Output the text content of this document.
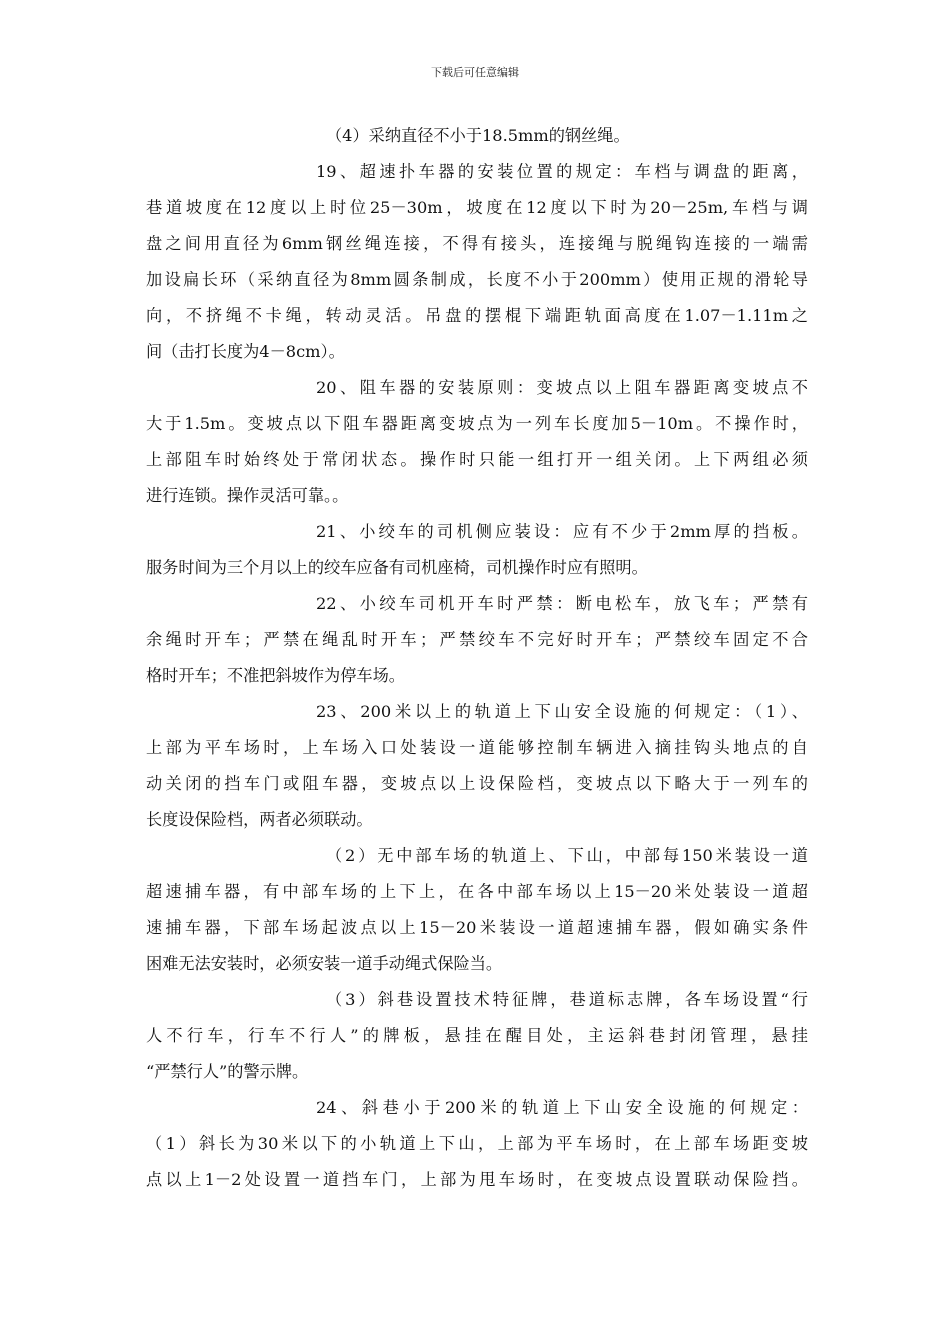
下载后可任意编辑
（4）采纳直径不小于18.5mm的钢丝绳。
19、超速扑车器的安装位置的规定：车档与调盘的距离，
巷道坡度在12度以上时位25－30m，坡度在12度以下时为20－25m,车档与调
盘之间用直径为6mm钢丝绳连接，不得有接头，连接绳与脱绳钩连接的一端需
加设扁长环（采纳直径为8mm圆条制成，长度不小于200mm）使用正规的滑轮导
向，不挤绳不卡绳，转动灵活。吊盘的摆棍下端距轨面高度在1.07－1.11m之
间（击打长度为4－8cm）。
20、阻车器的安装原则：变坡点以上阻车器距离变坡点不
大于1.5m。变坡点以下阻车器距离变坡点为一列车长度加5－10m。不操作时，
上部阻车时始终处于常闭状态。操作时只能一组打开一组关闭。上下两组必须
进行连锁。操作灵活可靠。。
21、小绞车的司机侧应装设：应有不少于2mm厚的挡板。
服务时间为三个月以上的绞车应备有司机座椅，司机操作时应有照明。
22、小绞车司机开车时严禁：断电松车，放飞车；严禁有
余绳时开车；严禁在绳乱时开车；严禁绞车不完好时开车；严禁绞车固定不合
格时开车；不准把斜坡作为停车场。
23、200米以上的轨道上下山安全设施的何规定：（1）、
上部为平车场时，上车场入口处装设一道能够控制车辆进入摘挂钩头地点的自
动关闭的挡车门或阻车器，变坡点以上设保险档，变坡点以下略大于一列车的
长度设保险档，两者必须联动。
（2）无中部车场的轨道上、下山，中部每150米装设一道
超速捕车器，有中部车场的上下上，在各中部车场以上15－20米处装设一道超
速捕车器，下部车场起波点以上15－20米装设一道超速捕车器，假如确实条件
困难无法安装时，必须安装一道手动绳式保险当。
（3）斜巷设置技术特征牌，巷道标志牌，各车场设置“行
人不行车，行车不行人”的牌板，悬挂在醒目处，主运斜巷封闭管理，悬挂
“严禁行人”的警示牌。
24、斜巷小于200米的轨道上下山安全设施的何规定：
（1）斜长为30米以下的小轨道上下山，上部为平车场时，在上部车场距变坡
点以上1－2处设置一道挡车门，上部为甩车场时，在变坡点设置联动保险挡。
